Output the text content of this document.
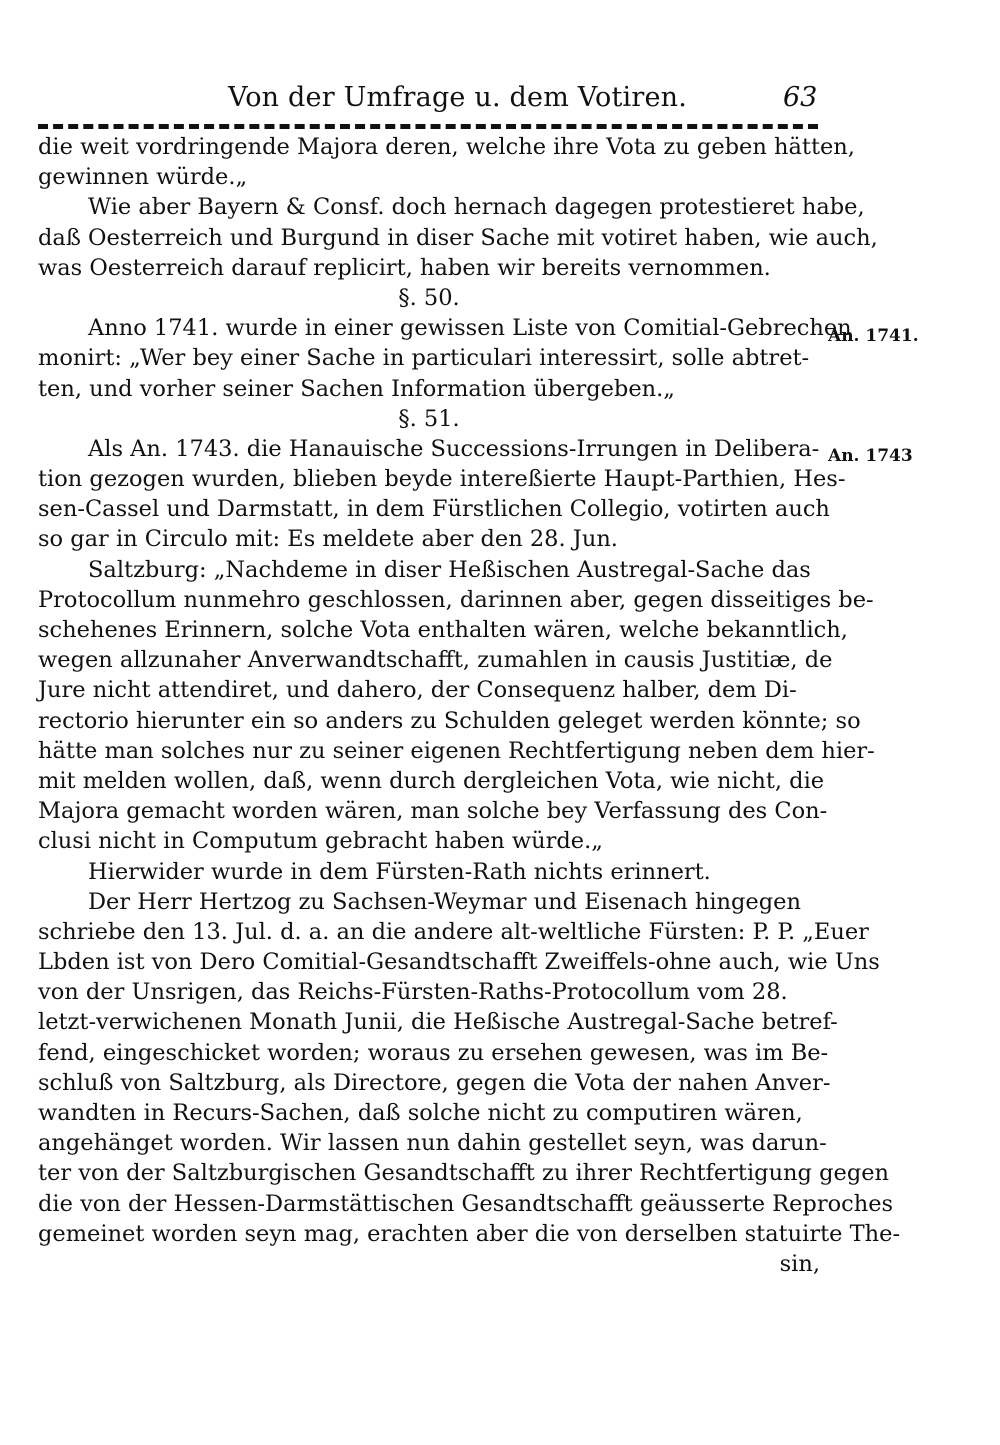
Von der Umfrage u. dem Votiren.	63
die weit vordringende Majora deren, welche ihre Vota zu geben hätten,
gewinnen würde.„
Wie aber Bayern & Consf. doch hernach dagegen protestieret habe,
daß Oesterreich und Burgund in diser Sache mit votiret haben, wie auch,
was Oesterreich darauf replicirt, haben wir bereits vernommen.
§. 50.
Anno 1741. wurde in einer gewissen Liste von Comitial-Gebrechen
monirt: „Wer bey einer Sache in particulari interessirt, solle abtret-
ten, und vorher seiner Sachen Information übergeben.„
§. 51.
Als An. 1743. die Hanauische Successions-Irrungen in Delibera-
tion gezogen wurden, blieben beyde intereßierte Haupt-Parthien, Hes-
sen-Cassel und Darmstatt, in dem Fürstlichen Collegio, votirten auch
so gar in Circulo mit: Es meldete aber den 28. Jun.
Saltzburg: „Nachdeme in diser Heßischen Austregal-Sache das
Protocollum nunmehro geschlossen, darinnen aber, gegen disseitiges be-
schehenes Erinnern, solche Vota enthalten wären, welche bekanntlich,
wegen allzunaher Anverwandtschafft, zumahlen in causis Justitiæ, de
Jure nicht attendiret, und dahero, der Consequenz halber, dem Di-
rectorio hierunter ein so anders zu Schulden geleget werden könnte; so
hätte man solches nur zu seiner eigenen Rechtfertigung neben dem hier-
mit melden wollen, daß, wenn durch dergleichen Vota, wie nicht, die
Majora gemacht worden wären, man solche bey Verfassung des Con-
clusi nicht in Computum gebracht haben würde.„
Hierwider wurde in dem Fürsten-Rath nichts erinnert.
Der Herr Hertzog zu Sachsen-Weymar und Eisenach hingegen
schriebe den 13. Jul. d. a. an die andere alt-weltliche Fürsten: P. P. „Euer
Lbden ist von Dero Comitial-Gesandtschafft Zweiffels-ohne auch, wie Uns
von der Unsrigen, das Reichs-Fürsten-Raths-Protocollum vom 28.
letzt-verwichenen Monath Junii, die Heßische Austregal-Sache betref-
fend, eingeschicket worden; woraus zu ersehen gewesen, was im Be-
schluß von Saltzburg, als Directore, gegen die Vota der nahen Anver-
wandten in Recurs-Sachen, daß solche nicht zu computiren wären,
angehänget worden. Wir lassen nun dahin gestellet seyn, was darun-
ter von der Saltzburgischen Gesandtschafft zu ihrer Rechtfertigung gegen
die von der Hessen-Darmstättischen Gesandtschafft geäusserte Reproches
gemeinet worden seyn mag, erachten aber die von derselben statuirte The-
sin,
An. 1741.
An. 1743
